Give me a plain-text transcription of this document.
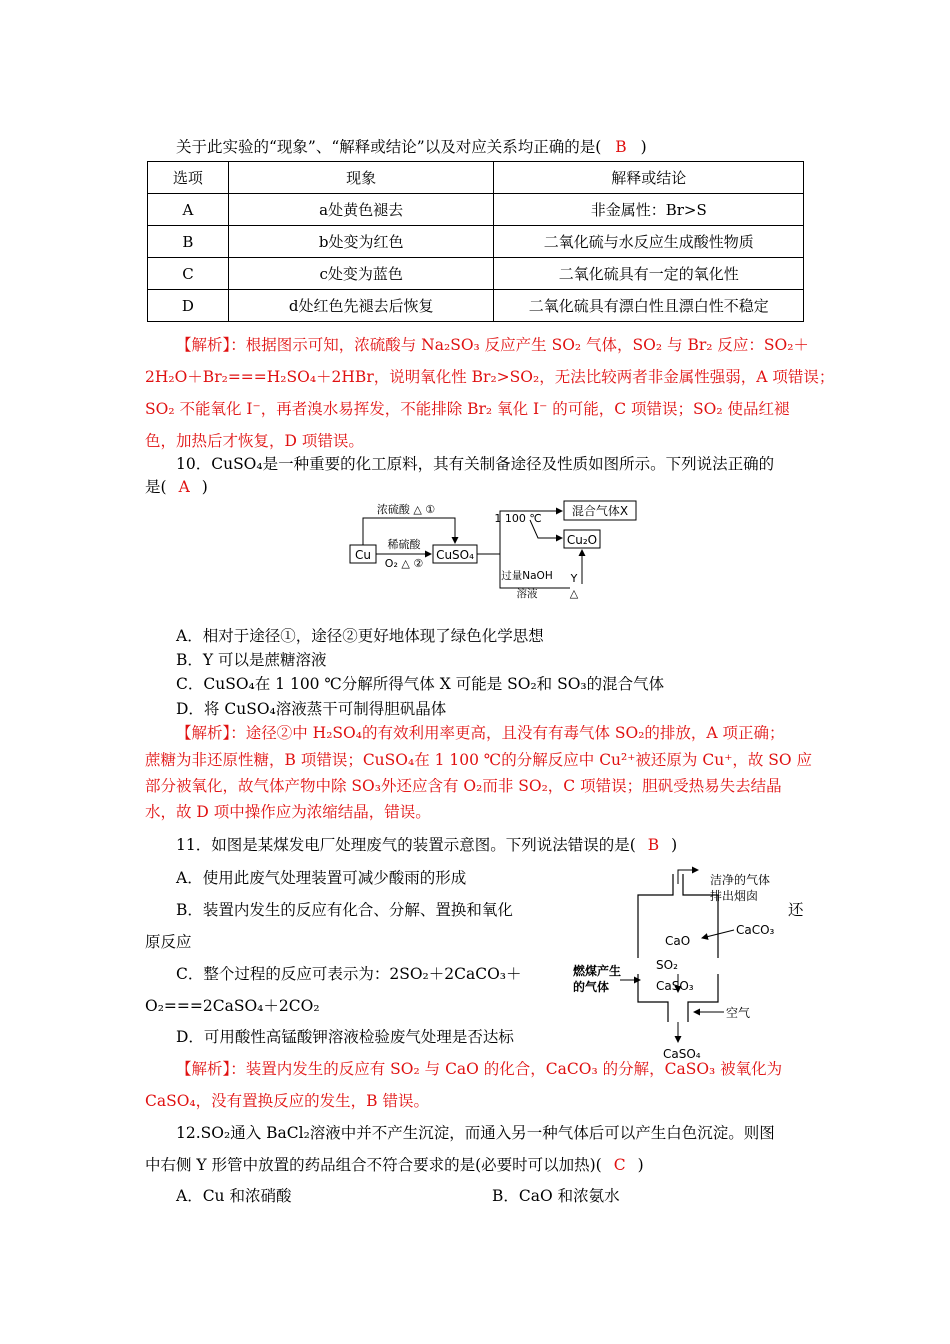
关于此实验的“现象”、“解释或结论”以及对应关系均正确的是( B )
选项	现象	解释或结论
A	a处黄色褪去	非金属性：Br>S
B	b处变为红色	二氧化硫与水反应生成酸性物质
C	c处变为蓝色	二氧化硫具有一定的氧化性
D	d处红色先褪去后恢复	二氧化硫具有漂白性且漂白性不稳定
【解析】：根据图示可知，浓硫酸与 Na₂SO₃ 反应产生 SO₂ 气体，SO₂ 与 Br₂ 反应：SO₂＋
2H₂O＋Br₂===H₂SO₄＋2HBr，说明氧化性 Br₂>SO₂，无法比较两者非金属性强弱，A 项错误；
SO₂ 不能氧化 I⁻，再者溴水易挥发，不能排除 Br₂ 氧化 I⁻ 的可能，C 项错误；SO₂ 使品红褪
色，加热后才恢复，D 项错误。
10．CuSO₄是一种重要的化工原料，其有关制备途径及性质如图所示。下列说法正确的
是( A )
Cu	CuSO₄
浓硫酸 △ ①
稀硫酸
O₂ △ ②
1 100 ℃
混合气体X
Cu₂O
过量NaOH
溶液
Y
△
A．相对于途径①，途径②更好地体现了绿色化学思想
B．Y 可以是蔗糖溶液
C．CuSO₄在 1 100 ℃分解所得气体 X 可能是 SO₂和 SO₃的混合气体
D．将 CuSO₄溶液蒸干可制得胆矾晶体
【解析】：途径②中 H₂SO₄的有效利用率更高，且没有有毒气体 SO₂的排放，A 项正确；
蔗糖为非还原性糖，B 项错误；CuSO₄在 1 100 ℃的分解反应中 Cu²⁺被还原为 Cu⁺，故 SO 应
部分被氧化，故气体产物中除 SO₃外还应含有 O₂而非 SO₂，C 项错误；胆矾受热易失去结晶
水，故 D 项中操作应为浓缩结晶，错误。
11．如图是某煤发电厂处理废气的装置示意图。下列说法错误的是( B )
A．使用此废气处理装置可减少酸雨的形成
B．装置内发生的反应有化合、分解、置换和氧化	还
原反应
C．整个过程的反应可表示为：2SO₂＋2CaCO₃＋
O₂===2CaSO₄＋2CO₂
D．可用酸性高锰酸钾溶液检验废气处理是否达标
洁净的气体
排出烟囱
CaO
CaCO₃
燃煤产生
的气体
SO₂
CaSO₃
空气
CaSO₄
【解析】：装置内发生的反应有 SO₂ 与 CaO 的化合，CaCO₃ 的分解，CaSO₃ 被氧化为
CaSO₄，没有置换反应的发生，B 错误。
12.SO₂通入 BaCl₂溶液中并不产生沉淀，而通入另一种气体后可以产生白色沉淀。则图
中右侧 Y 形管中放置的药品组合不符合要求的是(必要时可以加热)( C )
A．Cu 和浓硝酸	B．CaO 和浓氨水
